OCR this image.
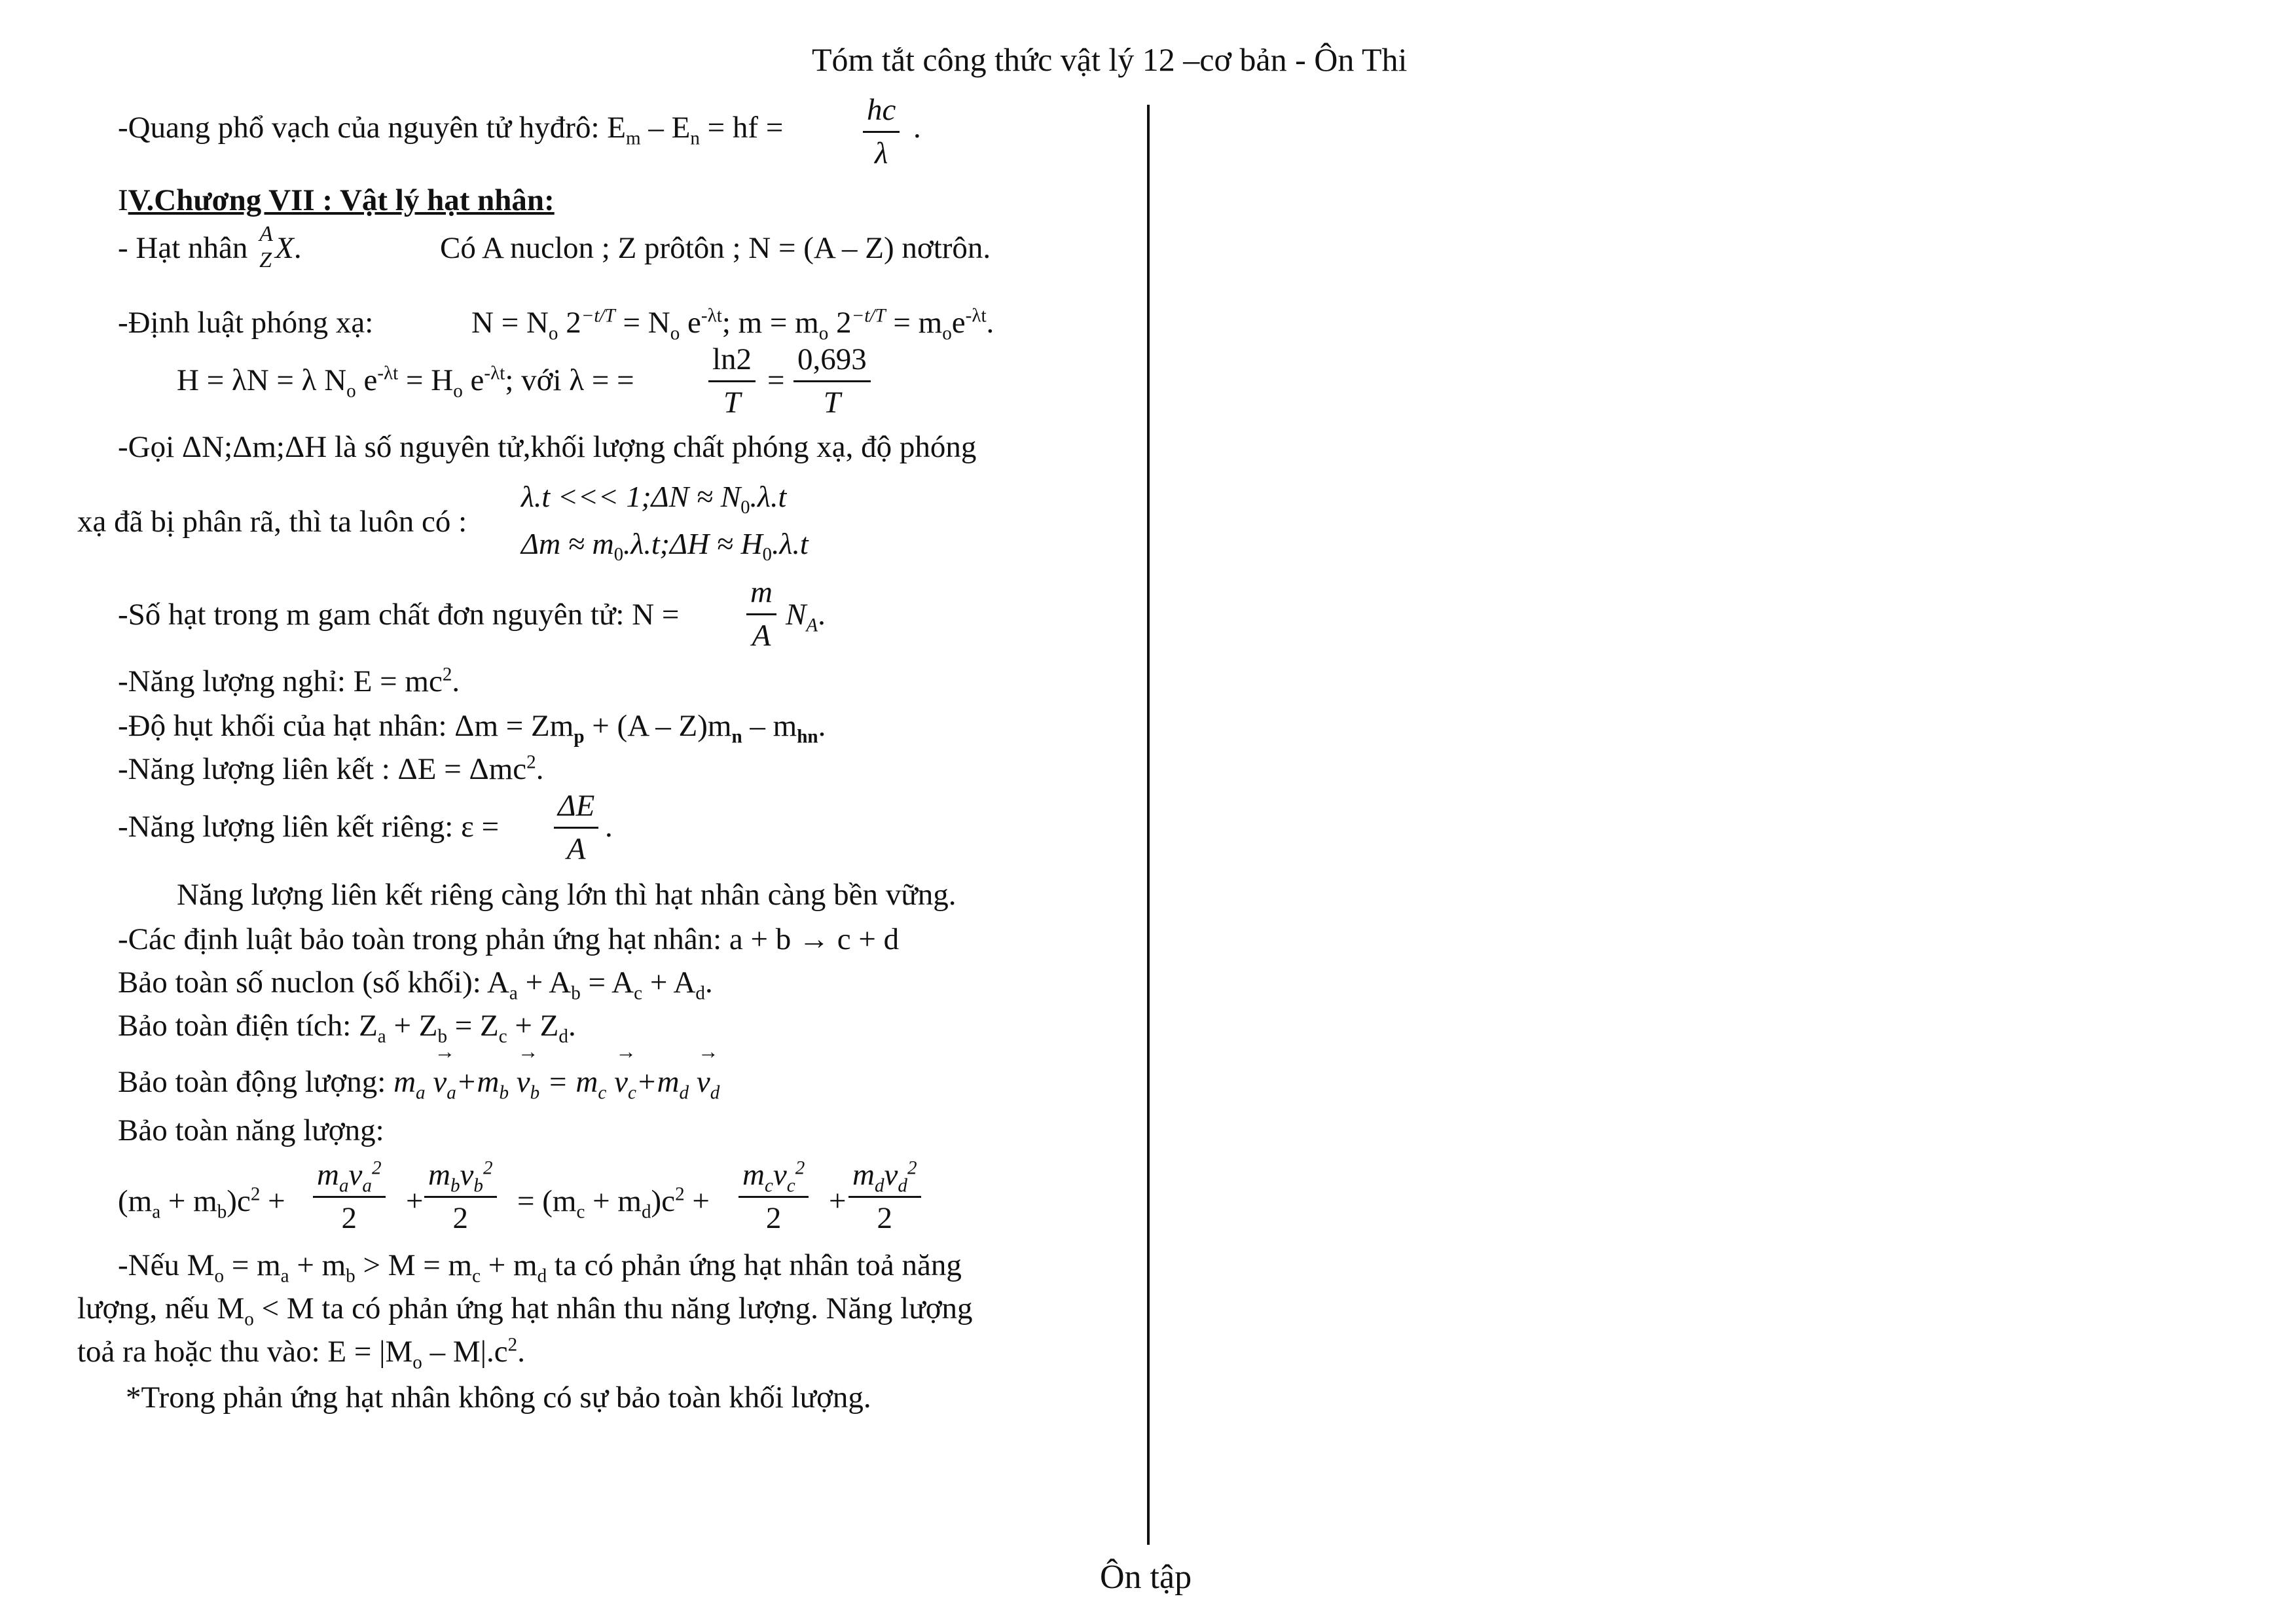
Tóm tắt công thức vật lý 12 –cơ bản - Ôn Thi
-Quang phổ vạch của nguyên tử hyđrô: $E_m - E_n$ = hf =	$\frac{hc}{\lambda}$ .
IV.Chương VII : Vật lý hạt nhân:
- Hạt nhân A
Z X.	Có A nuclon ; Z prôtôn ; N = (A – Z) nơtrôn.
-Định luật phóng xạ:	$N = N_o$ $2^{-t/T} = N_o$ $e^{-\lambda t}$; $m = m_o$ $2^{-t/T} = m_oe^{-\lambda t}$.
H = λN = λ $N_o$ $e^{-\lambda t} = H_o$ $e^{-\lambda t}$; với λ = = $\frac{\ln 2}{T} = \frac{0,693}{T}$
-Gọi ΔN;Δm;ΔH là số nguyên tử,khối lượng chất phóng xạ, độ phóng
xạ đã bị phân rã, thì ta luôn có :
λ.t <<< 1;ΔN ≈ $N_0.\lambda.t$
$\Delta m \approx m_0.\lambda.t;\Delta H \approx H_0.\lambda.t$
-Số hạt trong m gam chất đơn nguyên tử: $N = \frac{m}{A} N_A$.
-Năng lượng nghỉ: $E = mc^2$.
-Độ hụt khối của hạt nhân: $\Delta m = Zm_p + (A - Z)m_n - m_{hn}$.
-Năng lượng liên kết : ΔE = Δmc$^2$.
-Năng lượng liên kết riêng: $\varepsilon = \frac{\Delta E}{A}$ .
Năng lượng liên kết riêng càng lớn thì hạt nhân càng bền vững.
-Các định luật bảo toàn trong phản ứng hạt nhân: a + b → c + d
Bảo toàn số nuclon (số khối): $A_a + A_b = A_c + A_d$.
Bảo toàn điện tích: $Z_a + Z_b = Z_c + Z_d$.
Bảo toàn động lượng: $m_a \to v_a+m_b \to v_b = m_c \to v_c+m_d \to v_d$
Bảo toàn năng lượng:
$(m_a + m_b)c^2$ +
$m_av_a^2$
2	+
$m_bv_b^2$
2	= $(m_c + m_d)c^2$ +
$m_cv_c^2$
2	+
$m_dv_d^2$
2
-Nếu $M_o = m_a + m_b > M = m_c + m_d$ ta có phản ứng hạt nhân toả năng
lượng, nếu $M_o < M$ ta có phản ứng hạt nhân thu năng lượng. Năng lượng
toả ra hoặc thu vào: $E = |M_o - M|.c^2$.
*Trong phản ứng hạt nhân không có sự bảo toàn khối lượng.
Ôn tập
